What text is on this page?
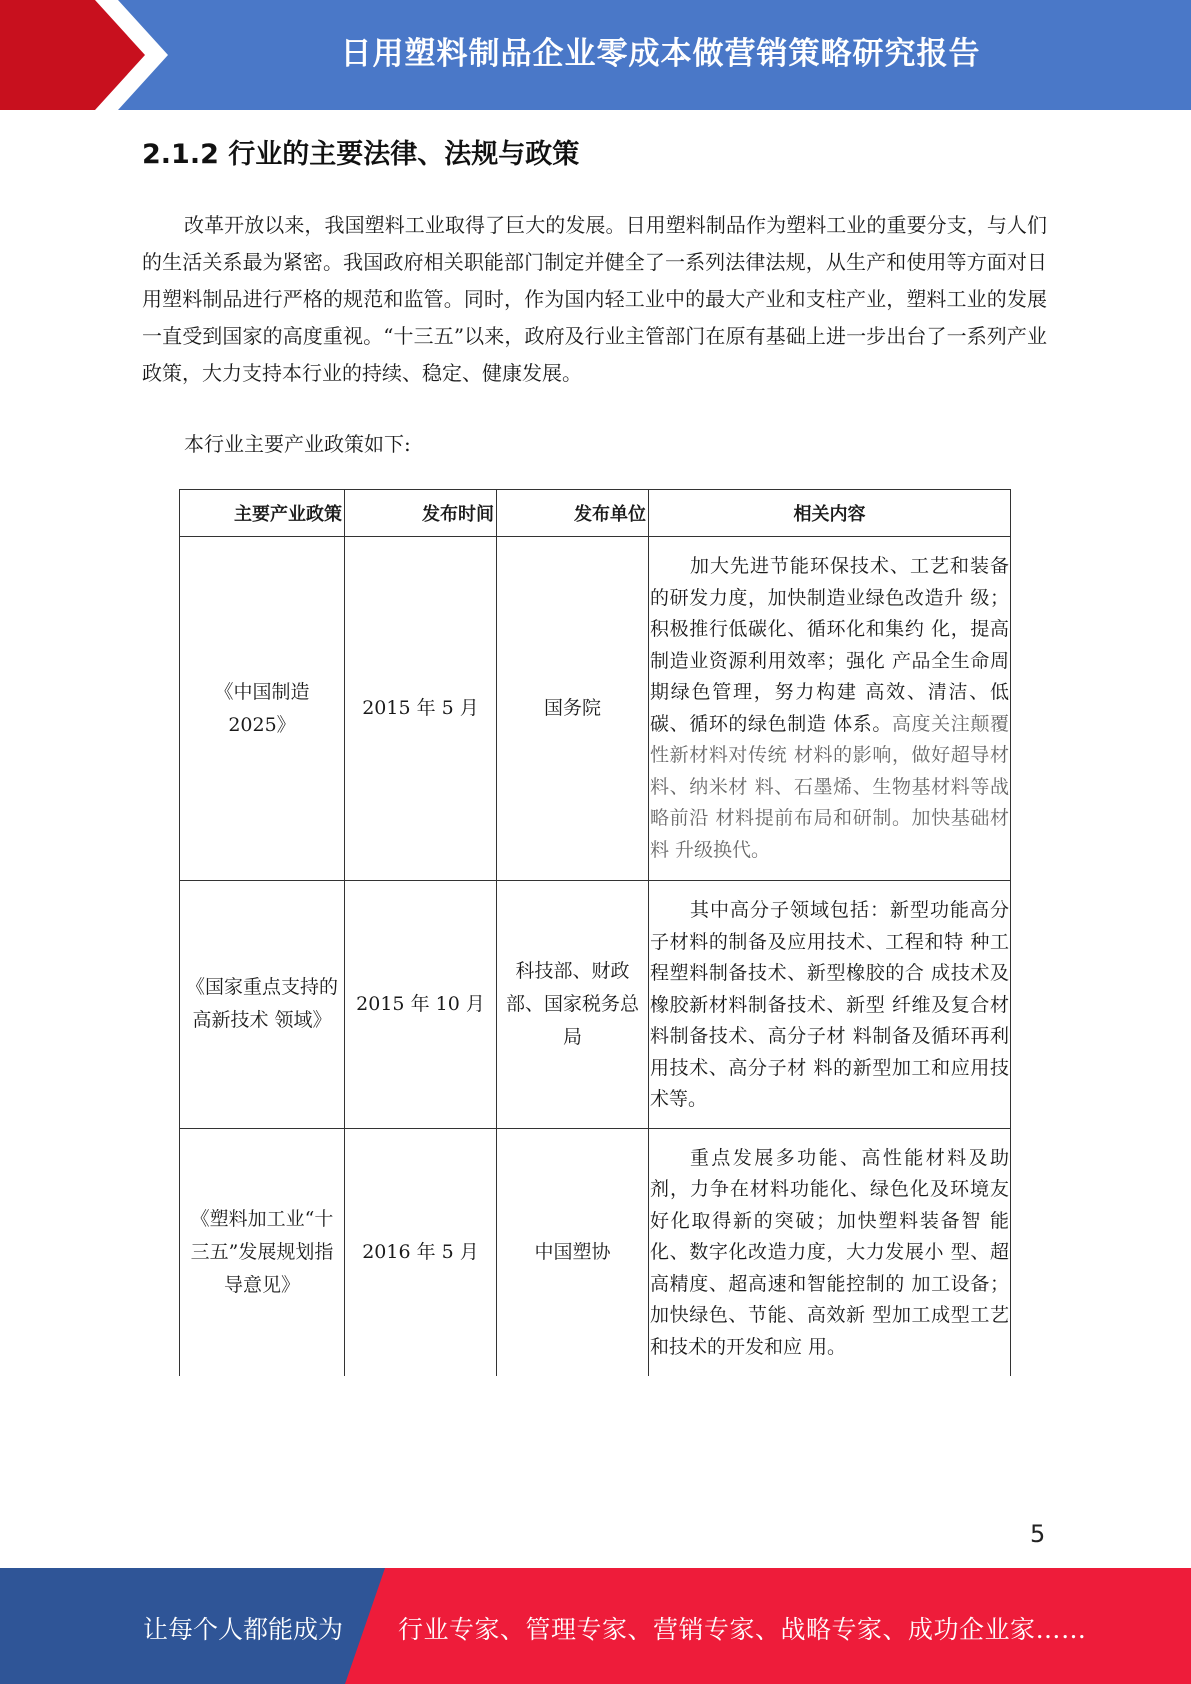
日用塑料制品企业零成本做营销策略研究报告
2.1.2 行业的主要法律、法规与政策

改革开放以来，我国塑料工业取得了巨大的发展。日用塑料制品作为塑料工业的重要分支，与人们的生活关系最为紧密。我国政府相关职能部门制定并健全了一系列法律法规，从生产和使用等方面对日用塑料制品进行严格的规范和监管。同时，作为国内轻工业中的最大产业和支柱产业，塑料工业的发展一直受到国家的高度重视。“十三五”以来，政府及行业主管部门在原有基础上进一步出台了一系列产业政策，大力支持本行业的持续、稳定、健康发展。

本行业主要产业政策如下:

主要产业政策	发布时间	发布单位	相关内容
《中国制造 2025》	2015 年 5 月	国务院	加大先进节能环保技术、工艺和装备的研发力度，加快制造业绿色改造升 级；积极推行低碳化、循环化和集约 化，提高制造业资源利用效率；强化 产品全生命周期绿色管理，努力构建 高效、清洁、低碳、循环的绿色制造 体系。高度关注颠覆性新材料对传统 材料的影响，做好超导材料、纳米材 料、石墨烯、生物基材料等战略前沿 材料提前布局和研制。加快基础材料 升级换代。
《国家重点支持的高新技术 领域》	2015 年 10 月	科技部、财政 部、国家税务总局	其中高分子领域包括：新型功能高分子材料的制备及应用技术、工程和特 种工程塑料制备技术、新型橡胶的合 成技术及橡胶新材料制备技术、新型 纤维及复合材料制备技术、高分子材 料制备及循环再利用技术、高分子材 料的新型加工和应用技术等。
《塑料加工业“十三五”发展规划指导意见》	2016 年 5 月	中国塑协	重点发展多功能、高性能材料及助剂，力争在材料功能化、绿色化及环境友 好化取得新的突破；加快塑料装备智 能化、数字化改造力度，大力发展小 型、超高精度、超高速和智能控制的 加工设备；加快绿色、节能、高效新 型加工成型工艺和技术的开发和应 用。
5
让每个人都能成为 行业专家、管理专家、营销专家、战略专家、成功企业家……
